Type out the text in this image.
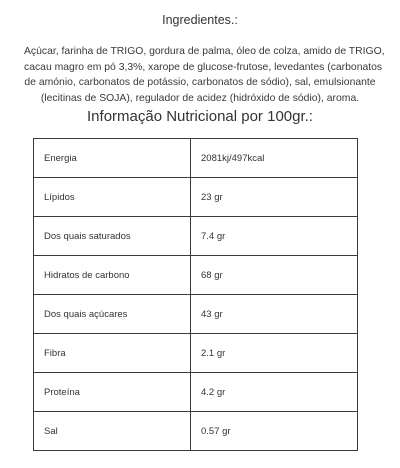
Ingredientes.:
Açúcar, farinha de TRIGO, gordura de palma, óleo de colza, amido de TRIGO,
cacau magro em pó 3,3%, xarope de glucose-frutose, levedantes (carbonatos
de amónio, carbonatos de potássio, carbonatos de sódio), sal, emulsionante
(lecitinas de SOJA), regulador de acidez (hidróxido de sódio), aroma.
Informação Nutricional por 100gr.:
Energia	2081kj/497kcal
Lípidos	23 gr
Dos quais saturados	7.4 gr
Hidratos de carbono	68 gr
Dos quais açúcares	43 gr
Fibra	2.1 gr
Proteína	4.2 gr
Sal	0.57 gr
